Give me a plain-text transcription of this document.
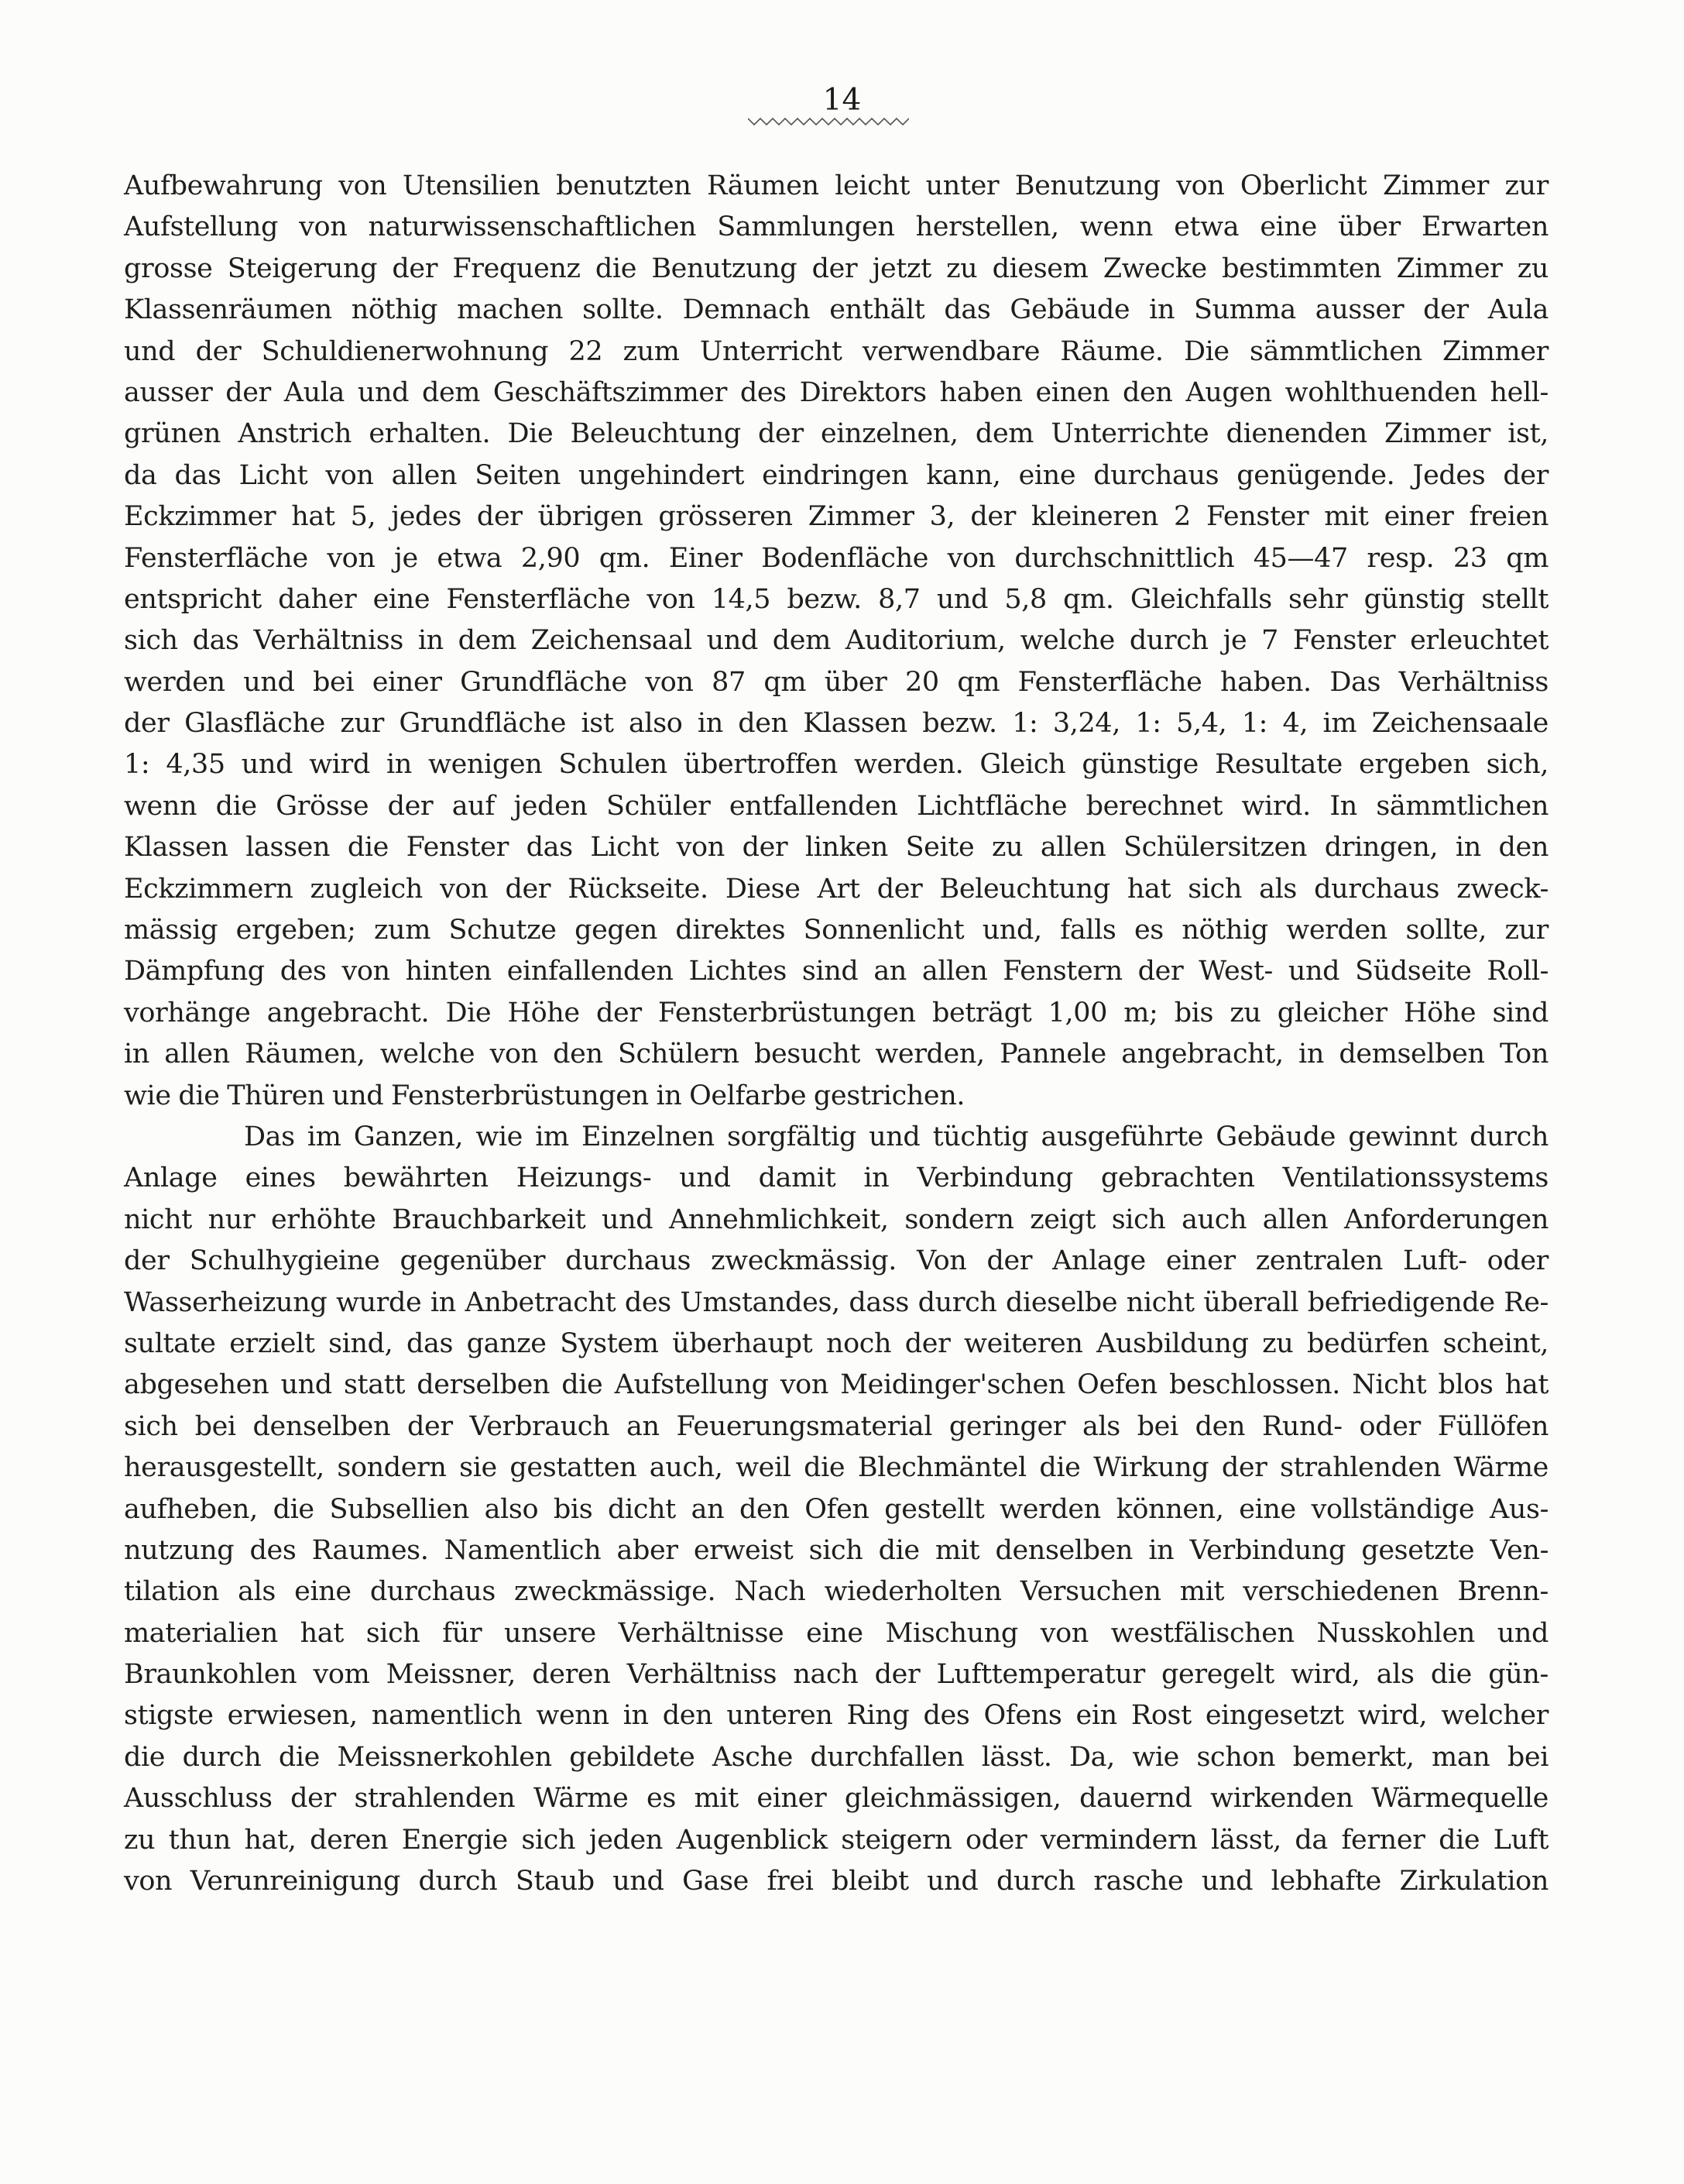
14
Aufbewahrung von Utensilien benutzten Räumen leicht unter Benutzung von Oberlicht Zimmer zur
Aufstellung von naturwissenschaftlichen Sammlungen herstellen, wenn etwa eine über Erwarten
grosse Steigerung der Frequenz die Benutzung der jetzt zu diesem Zwecke bestimmten Zimmer zu
Klassenräumen nöthig machen sollte. Demnach enthält das Gebäude in Summa ausser der Aula
und der Schuldienerwohnung 22 zum Unterricht verwendbare Räume. Die sämmtlichen Zimmer
ausser der Aula und dem Geschäftszimmer des Direktors haben einen den Augen wohlthuenden hell-
grünen Anstrich erhalten. Die Beleuchtung der einzelnen, dem Unterrichte dienenden Zimmer ist,
da das Licht von allen Seiten ungehindert eindringen kann, eine durchaus genügende. Jedes der
Eckzimmer hat 5, jedes der übrigen grösseren Zimmer 3, der kleineren 2 Fenster mit einer freien
Fensterfläche von je etwa 2,90 qm. Einer Bodenfläche von durchschnittlich 45—47 resp. 23 qm
entspricht daher eine Fensterfläche von 14,5 bezw. 8,7 und 5,8 qm. Gleichfalls sehr günstig stellt
sich das Verhältniss in dem Zeichensaal und dem Auditorium, welche durch je 7 Fenster erleuchtet
werden und bei einer Grundfläche von 87 qm über 20 qm Fensterfläche haben. Das Verhältniss
der Glasfläche zur Grundfläche ist also in den Klassen bezw. 1: 3,24, 1: 5,4, 1: 4, im Zeichensaale
1: 4,35 und wird in wenigen Schulen übertroffen werden. Gleich günstige Resultate ergeben sich,
wenn die Grösse der auf jeden Schüler entfallenden Lichtfläche berechnet wird. In sämmtlichen
Klassen lassen die Fenster das Licht von der linken Seite zu allen Schülersitzen dringen, in den
Eckzimmern zugleich von der Rückseite. Diese Art der Beleuchtung hat sich als durchaus zweck-
mässig ergeben; zum Schutze gegen direktes Sonnenlicht und, falls es nöthig werden sollte, zur
Dämpfung des von hinten einfallenden Lichtes sind an allen Fenstern der West- und Südseite Roll-
vorhänge angebracht. Die Höhe der Fensterbrüstungen beträgt 1,00 m; bis zu gleicher Höhe sind
in allen Räumen, welche von den Schülern besucht werden, Pannele angebracht, in demselben Ton
wie die Thüren und Fensterbrüstungen in Oelfarbe gestrichen.
Das im Ganzen, wie im Einzelnen sorgfältig und tüchtig ausgeführte Gebäude gewinnt durch
Anlage eines bewährten Heizungs- und damit in Verbindung gebrachten Ventilationssystems
nicht nur erhöhte Brauchbarkeit und Annehmlichkeit, sondern zeigt sich auch allen Anforderungen
der Schulhygieine gegenüber durchaus zweckmässig. Von der Anlage einer zentralen Luft- oder
Wasserheizung wurde in Anbetracht des Umstandes, dass durch dieselbe nicht überall befriedigende Re-
sultate erzielt sind, das ganze System überhaupt noch der weiteren Ausbildung zu bedürfen scheint,
abgesehen und statt derselben die Aufstellung von Meidinger'schen Oefen beschlossen. Nicht blos hat
sich bei denselben der Verbrauch an Feuerungsmaterial geringer als bei den Rund- oder Füllöfen
herausgestellt, sondern sie gestatten auch, weil die Blechmäntel die Wirkung der strahlenden Wärme
aufheben, die Subsellien also bis dicht an den Ofen gestellt werden können, eine vollständige Aus-
nutzung des Raumes. Namentlich aber erweist sich die mit denselben in Verbindung gesetzte Ven-
tilation als eine durchaus zweckmässige. Nach wiederholten Versuchen mit verschiedenen Brenn-
materialien hat sich für unsere Verhältnisse eine Mischung von westfälischen Nusskohlen und
Braunkohlen vom Meissner, deren Verhältniss nach der Lufttemperatur geregelt wird, als die gün-
stigste erwiesen, namentlich wenn in den unteren Ring des Ofens ein Rost eingesetzt wird, welcher
die durch die Meissnerkohlen gebildete Asche durchfallen lässt. Da, wie schon bemerkt, man bei
Ausschluss der strahlenden Wärme es mit einer gleichmässigen, dauernd wirkenden Wärmequelle
zu thun hat, deren Energie sich jeden Augenblick steigern oder vermindern lässt, da ferner die Luft
von Verunreinigung durch Staub und Gase frei bleibt und durch rasche und lebhafte Zirkulation
